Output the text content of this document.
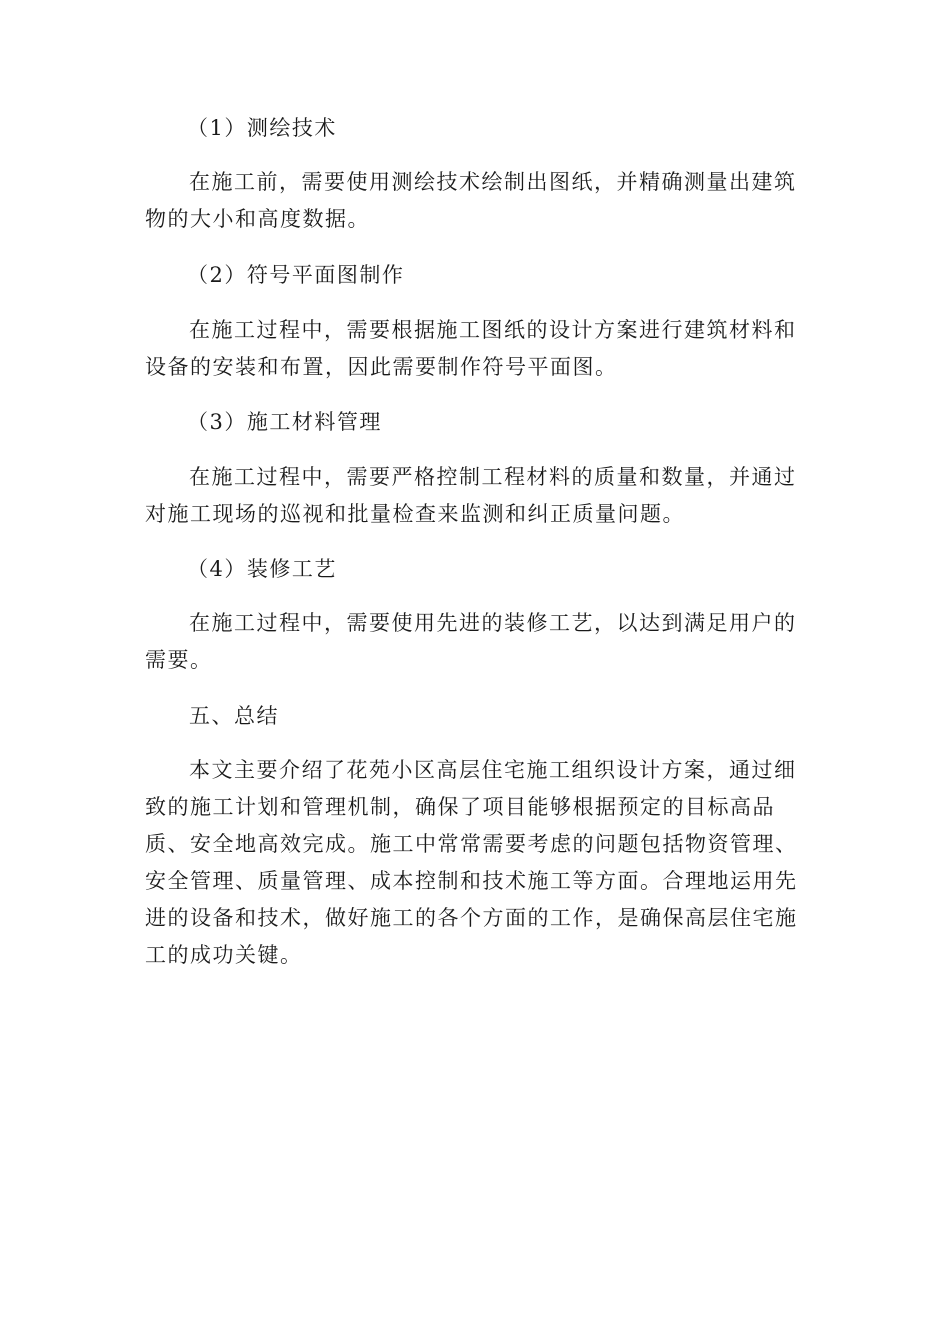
（1）测绘技术

在施工前，需要使用测绘技术绘制出图纸，并精确测量出建筑物的大小和高度数据。

（2）符号平面图制作

在施工过程中，需要根据施工图纸的设计方案进行建筑材料和设备的安装和布置，因此需要制作符号平面图。

（3）施工材料管理

在施工过程中，需要严格控制工程材料的质量和数量，并通过对施工现场的巡视和批量检查来监测和纠正质量问题。

（4）装修工艺

在施工过程中，需要使用先进的装修工艺，以达到满足用户的需要。

五、总结

本文主要介绍了花苑小区高层住宅施工组织设计方案，通过细致的施工计划和管理机制，确保了项目能够根据预定的目标高品质、安全地高效完成。施工中常常需要考虑的问题包括物资管理、安全管理、质量管理、成本控制和技术施工等方面。合理地运用先进的设备和技术，做好施工的各个方面的工作，是确保高层住宅施工的成功关键。
